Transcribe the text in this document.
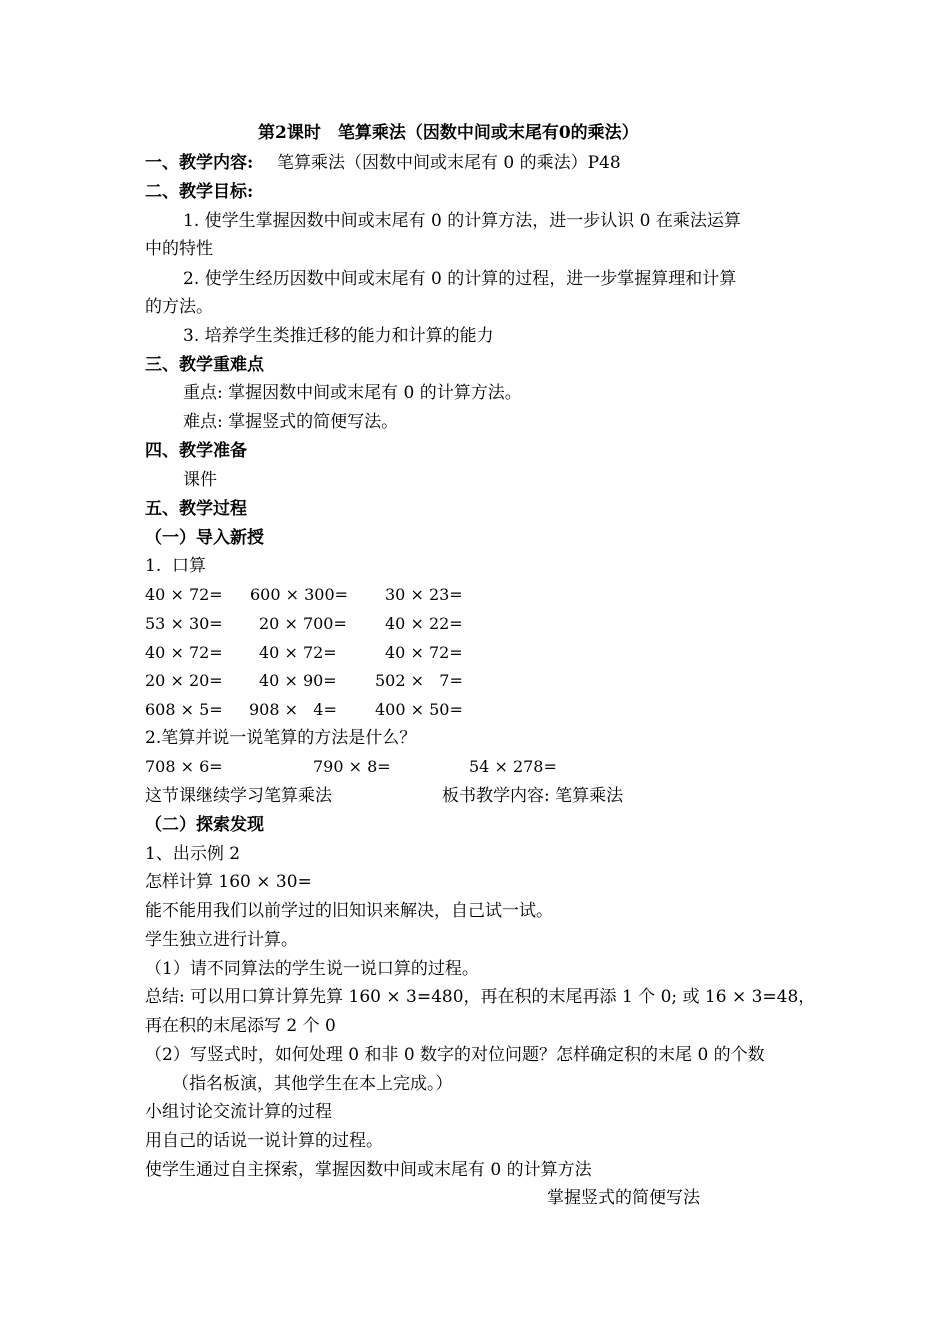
第2课时　笔算乘法（因数中间或末尾有0的乘法）
一、教学内容: 笔算乘法（因数中间或末尾有 0 的乘法）P48
二、教学目标:
1. 使学生掌握因数中间或末尾有 0 的计算方法，进一步认识 0 在乘法运算
中的特性
2. 使学生经历因数中间或末尾有 0 的计算的过程，进一步掌握算理和计算
的方法。
3. 培养学生类推迁移的能力和计算的能力
三、教学重难点
重点: 掌握因数中间或末尾有 0 的计算方法。
难点: 掌握竖式的简便写法。
四、教学准备
课件
五、教学过程
（一）导入新授
1.  口算
40 × 72= 600 × 300= 30 × 23=
53 × 30= 20 × 700= 40 × 22=
40 × 72= 40 × 72=	40 × 72=
20 × 20= 40 × 90= 502 ×   7=
608 × 5= 908 ×   4= 400 × 50=
2.笔算并说一说笔算的方法是什么？
708 × 6=	790 × 8=	54 × 278=
这节课继续学习笔算乘法	板书教学内容: 笔算乘法
（二）探索发现
1、出示例 2
怎样计算 160 × 30=
能不能用我们以前学过的旧知识来解决，自己试一试。
学生独立进行计算。
（1）请不同算法的学生说一说口算的过程。
总结: 可以用口算计算先算 160 × 3=480，再在积的末尾再添 1 个 0; 或 16 × 3=48，
再在积的末尾添写 2 个 0
（2）写竖式时，如何处理 0 和非 0 数字的对位问题？怎样确定积的末尾 0 的个数
（指名板演，其他学生在本上完成。）
小组讨论交流计算的过程
用自己的话说一说计算的过程。
使学生通过自主探索，掌握因数中间或末尾有 0 的计算方法
掌握竖式的简便写法
